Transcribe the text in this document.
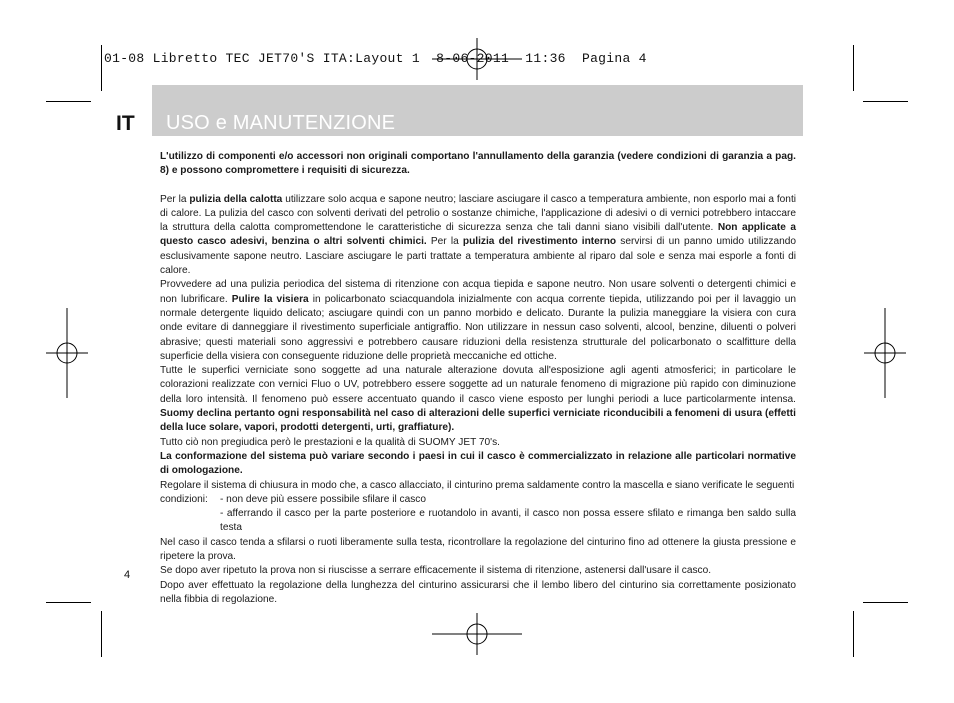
01-08 Libretto TEC JET70'S ITA:Layout 1  8-06-2011  11:36  Pagina 4
IT USO e MANUTENZIONE

L'utilizzo di componenti e/o accessori non originali comportano l'annullamento della garanzia (vedere condizioni di garanzia a pag. 8) e possono compromettere i requisiti di sicurezza.

Per la pulizia della calotta utilizzare solo acqua e sapone neutro; lasciare asciugare il casco a temperatura ambiente, non esporlo mai a fonti di calore. La pulizia del casco con solventi derivati del petrolio o sostanze chimiche, l'applicazione di adesivi o di vernici potrebbero intaccare la struttura della calotta compromettendone le caratteristiche di sicurezza senza che tali danni siano visibili dall'utente. Non applicate a questo casco adesivi, benzina o altri solventi chimici. Per la pulizia del rivestimento interno servirsi di un panno umido utilizzando esclusivamente sapone neutro. Lasciare asciugare le parti trattate a temperatura ambiente al riparo dal sole e senza mai esporle a fonti di calore.

Provvedere ad una pulizia periodica del sistema di ritenzione con acqua tiepida e sapone neutro. Non usare solventi o detergenti chimici e non lubrificare. Pulire la visiera in policarbonato sciacquandola inizialmente con acqua corrente tiepida, utilizzando poi per il lavaggio un normale detergente liquido delicato; asciugare quindi con un panno morbido e delicato. Durante la pulizia maneggiare la visiera con cura onde evitare di danneggiare il rivestimento superficiale antigraffio. Non utilizzare in nessun caso solventi, alcool, benzine, diluenti o polveri abrasive; questi materiali sono aggressivi e potrebbero causare riduzioni della resistenza strutturale del policarbonato o scalfitture della superficie della visiera con conseguente riduzione delle proprietà meccaniche ed ottiche.

Tutte le superfici verniciate sono soggette ad una naturale alterazione dovuta all'esposizione agli agenti atmosferici; in particolare le colorazioni realizzate con vernici Fluo o UV, potrebbero essere soggette ad un naturale fenomeno di migrazione più rapido con diminuzione della loro intensità. Il fenomeno può essere accentuato quando il casco viene esposto per lunghi periodi a luce particolarmente intensa. Suomy declina pertanto ogni responsabilità nel caso di alterazioni delle superfici verniciate riconducibili a fenomeni di usura (effetti della luce solare, vapori, prodotti detergenti, urti, graffiature).

Tutto ciò non pregiudica però le prestazioni e la qualità di SUOMY JET 70's.

La conformazione del sistema può variare secondo i paesi in cui il casco è commercializzato in relazione alle particolari normative di omologazione.

Regolare il sistema di chiusura in modo che, a casco allacciato, il cinturino prema saldamente contro la mascella e siano verificate le seguenti

condizioni:	- non deve più essere possibile sfilare il casco

- afferrando il casco per la parte posteriore e ruotandolo in avanti, il casco non possa essere sfilato e rimanga ben saldo sulla testa

Nel caso il casco tenda a sfilarsi o ruoti liberamente sulla testa, ricontrollare la regolazione del cinturino fino ad ottenere la giusta pressione e ripetere la prova.

Se dopo aver ripetuto la prova non si riuscisse a serrare efficacemente il sistema di ritenzione, astenersi dall'usare il casco.

Dopo aver effettuato la regolazione della lunghezza del cinturino assicurarsi che il lembo libero del cinturino sia correttamente posizionato nella fibbia di regolazione.

4
